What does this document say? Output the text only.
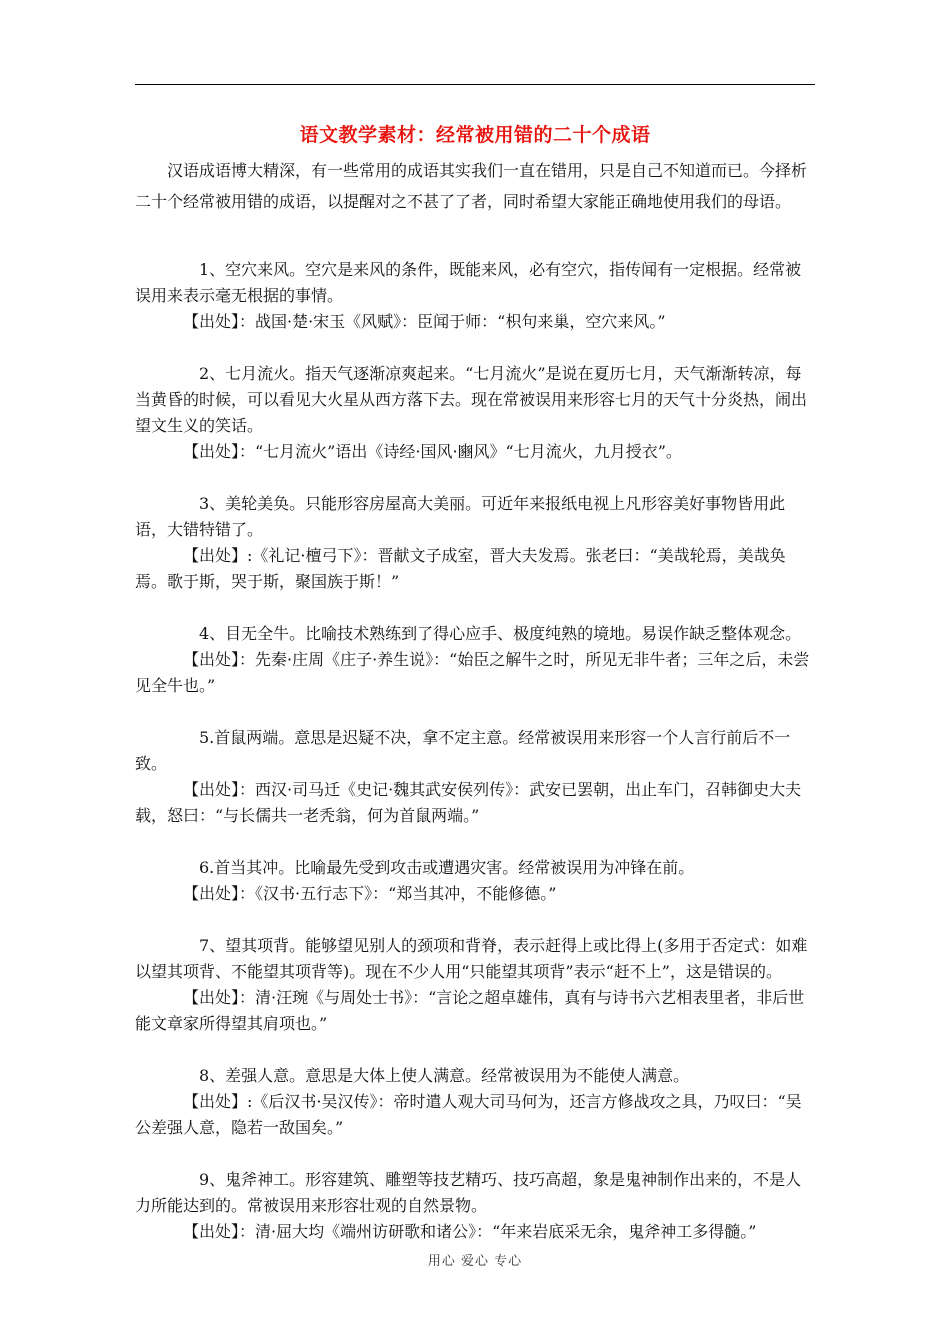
语文教学素材：经常被用错的二十个成语

汉语成语博大精深，有一些常用的成语其实我们一直在错用，只是自己不知道而已。今择析二十个经常被用错的成语，以提醒对之不甚了了者，同时希望大家能正确地使用我们的母语。

1、空穴来风。空穴是来风的条件，既能来风，必有空穴，指传闻有一定根据。经常被误用来表示毫无根据的事情。

【出处】：战国·楚·宋玉《风赋》：臣闻于师：“枳句来巢，空穴来风。”

2、七月流火。指天气逐渐凉爽起来。“七月流火”是说在夏历七月，天气渐渐转凉，每当黄昏的时候，可以看见大火星从西方落下去。现在常被误用来形容七月的天气十分炎热，闹出望文生义的笑话。

【出处】：“七月流火”语出《诗经·国风·豳风》“七月流火，九月授衣”。

3、美轮美奂。只能形容房屋高大美丽。可近年来报纸电视上凡形容美好事物皆用此语，大错特错了。

【出处】:《礼记·檀弓下》：晋献文子成室，晋大夫发焉。张老曰：“美哉轮焉，美哉奂焉。歌于斯，哭于斯，聚国族于斯！”

4、目无全牛。比喻技术熟练到了得心应手、极度纯熟的境地。易误作缺乏整体观念。

【出处】：先秦·庄周《庄子·养生说》：“始臣之解牛之时，所见无非牛者；三年之后，未尝见全牛也。”

5.首鼠两端。意思是迟疑不决，拿不定主意。经常被误用来形容一个人言行前后不一致。

【出处】：西汉·司马迁《史记·魏其武安侯列传》：武安已罢朝，出止车门，召韩御史大夫载，怒曰：“与长儒共一老秃翁，何为首鼠两端。”

6.首当其冲。比喻最先受到攻击或遭遇灾害。经常被误用为冲锋在前。

【出处】：《汉书·五行志下》：“郑当其冲，不能修德。”

7、望其项背。能够望见别人的颈项和背脊，表示赶得上或比得上(多用于否定式：如难以望其项背、不能望其项背等)。现在不少人用“只能望其项背”表示“赶不上”，这是错误的。

【出处】：清·汪琬《与周处士书》：“言论之超卓雄伟，真有与诗书六艺相表里者，非后世能文章家所得望其肩项也。”

8、差强人意。意思是大体上使人满意。经常被误用为不能使人满意。

【出处】:《后汉书·吴汉传》：帝时遣人观大司马何为，还言方修战攻之具，乃叹曰：“吴公差强人意，隐若一敌国矣。”

9、鬼斧神工。形容建筑、雕塑等技艺精巧、技巧高超，象是鬼神制作出来的，不是人力所能达到的。常被误用来形容壮观的自然景物。

【出处】：清·屈大均《端州访研歌和诸公》：“年来岩底采无余，鬼斧神工多得髓。”

用心 爱心 专心
